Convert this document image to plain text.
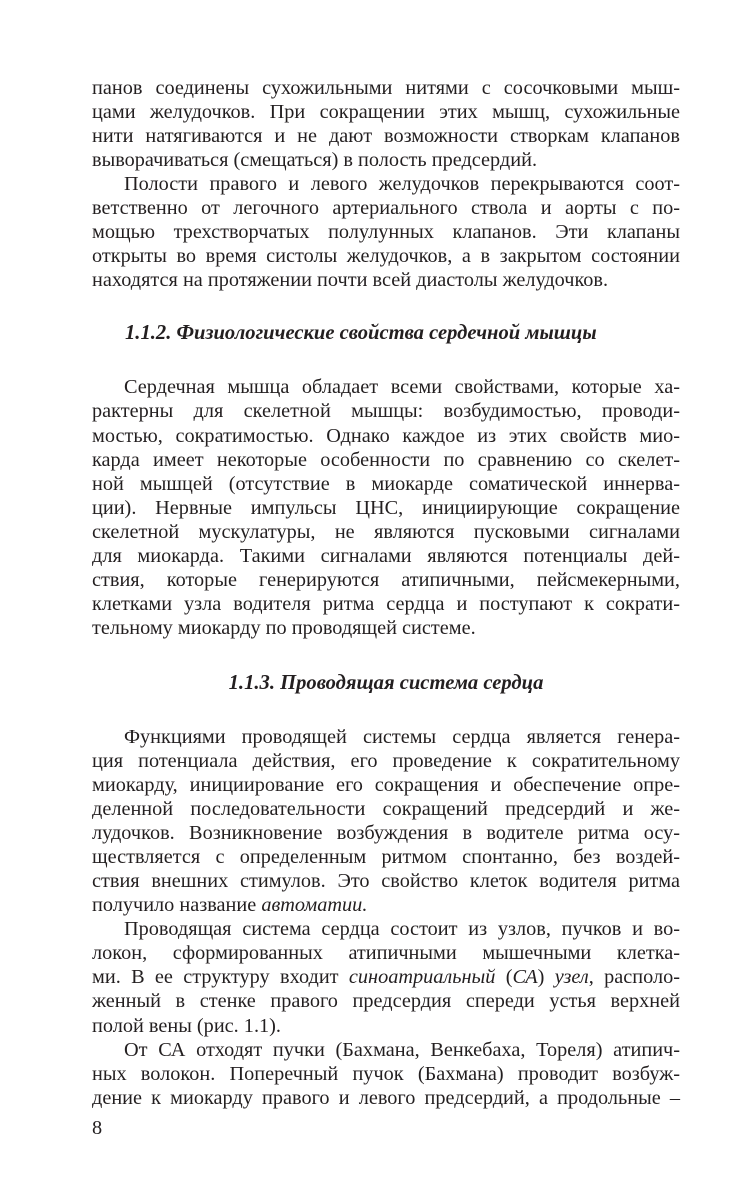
панов соединены сухожильными нитями с сосочковыми мыш-
цами желудочков. При сокращении этих мышц, сухожильные
нити натягиваются и не дают возможности створкам клапанов
выворачиваться (смещаться) в полость предсердий.
Полости правого и левого желудочков перекрываются соот-
ветственно от легочного артериального ствола и аорты с по-
мощью трехстворчатых полулунных клапанов. Эти клапаны
открыты во время систолы желудочков, а в закрытом состоянии
находятся на протяжении почти всей диастолы желудочков.
1.1.2. Физиологические свойства сердечной мышцы
Сердечная мышца обладает всеми свойствами, которые ха-
рактерны для скелетной мышцы: возбудимостью, проводи-
мостью, сократимостью. Однако каждое из этих свойств мио-
карда имеет некоторые особенности по сравнению со скелет-
ной мышцей (отсутствие в миокарде соматической иннерва-
ции). Нервные импульсы ЦНС, инициирующие сокращение
скелетной мускулатуры, не являются пусковыми сигналами
для миокарда. Такими сигналами являются потенциалы дей-
ствия, которые генерируются атипичными, пейсмекерными,
клетками узла водителя ритма сердца и поступают к сократи-
тельному миокарду по проводящей системе.
1.1.3. Проводящая система сердца
Функциями проводящей системы сердца является генера-
ция потенциала действия, его проведение к сократительному
миокарду, инициирование его сокращения и обеспечение опре-
деленной последовательности сокращений предсердий и же-
лудочков. Возникновение возбуждения в водителе ритма осу-
ществляется с определенным ритмом спонтанно, без воздей-
ствия внешних стимулов. Это свойство клеток водителя ритма
получило название автоматии.
Проводящая система сердца состоит из узлов, пучков и во-
локон, сформированных атипичными мышечными клетка-
ми. В ее структуру входит синоатриальный (СА) узел, располо-
женный в стенке правого предсердия спереди устья верхней
полой вены (рис. 1.1).
От СА отходят пучки (Бахмана, Венкебаха, Тореля) атипич-
ных волокон. Поперечный пучок (Бахмана) проводит возбуж-
дение к миокарду правого и левого предсердий, а продольные –
8
